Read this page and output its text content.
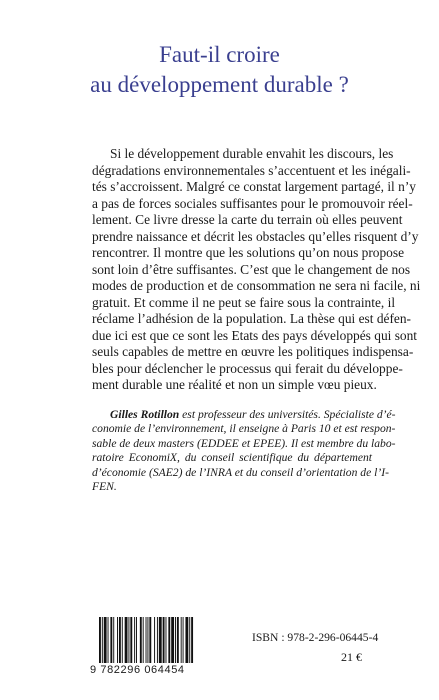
Faut-il croire
au développement durable ?
Si le développement durable envahit les discours, les
dégradations environnementales s’accentuent et les inégali-
tés s’accroissent. Malgré ce constat largement partagé, il n’y
a pas de forces sociales suffisantes pour le promouvoir réel-
lement. Ce livre dresse la carte du terrain où elles peuvent
prendre naissance et décrit les obstacles qu’elles risquent d’y
rencontrer. Il montre que les solutions qu’on nous propose
sont loin d’être suffisantes. C’est que le changement de nos
modes de production et de consommation ne sera ni facile, ni
gratuit. Et comme il ne peut se faire sous la contrainte, il
réclame l’adhésion de la population. La thèse qui est défen-
due ici est que ce sont les Etats des pays développés qui sont
seuls capables de mettre en œuvre les politiques indispensa-
bles pour déclencher le processus qui ferait du développe-
ment durable une réalité et non un simple vœu pieux.
Gilles Rotillon est professeur des universités. Spécialiste d’é-
conomie de l’environnement, il enseigne à Paris 10 et est respon-
sable de deux masters (EDDEE et EPEE). Il est membre du labo-
ratoire EconomiX, du conseil scientifique du département
d’économie (SAE2) de l’INRA et du conseil d’orientation de l’I-
FEN.
9 782296 064454
ISBN : 978-2-296-06445-4
21 €
